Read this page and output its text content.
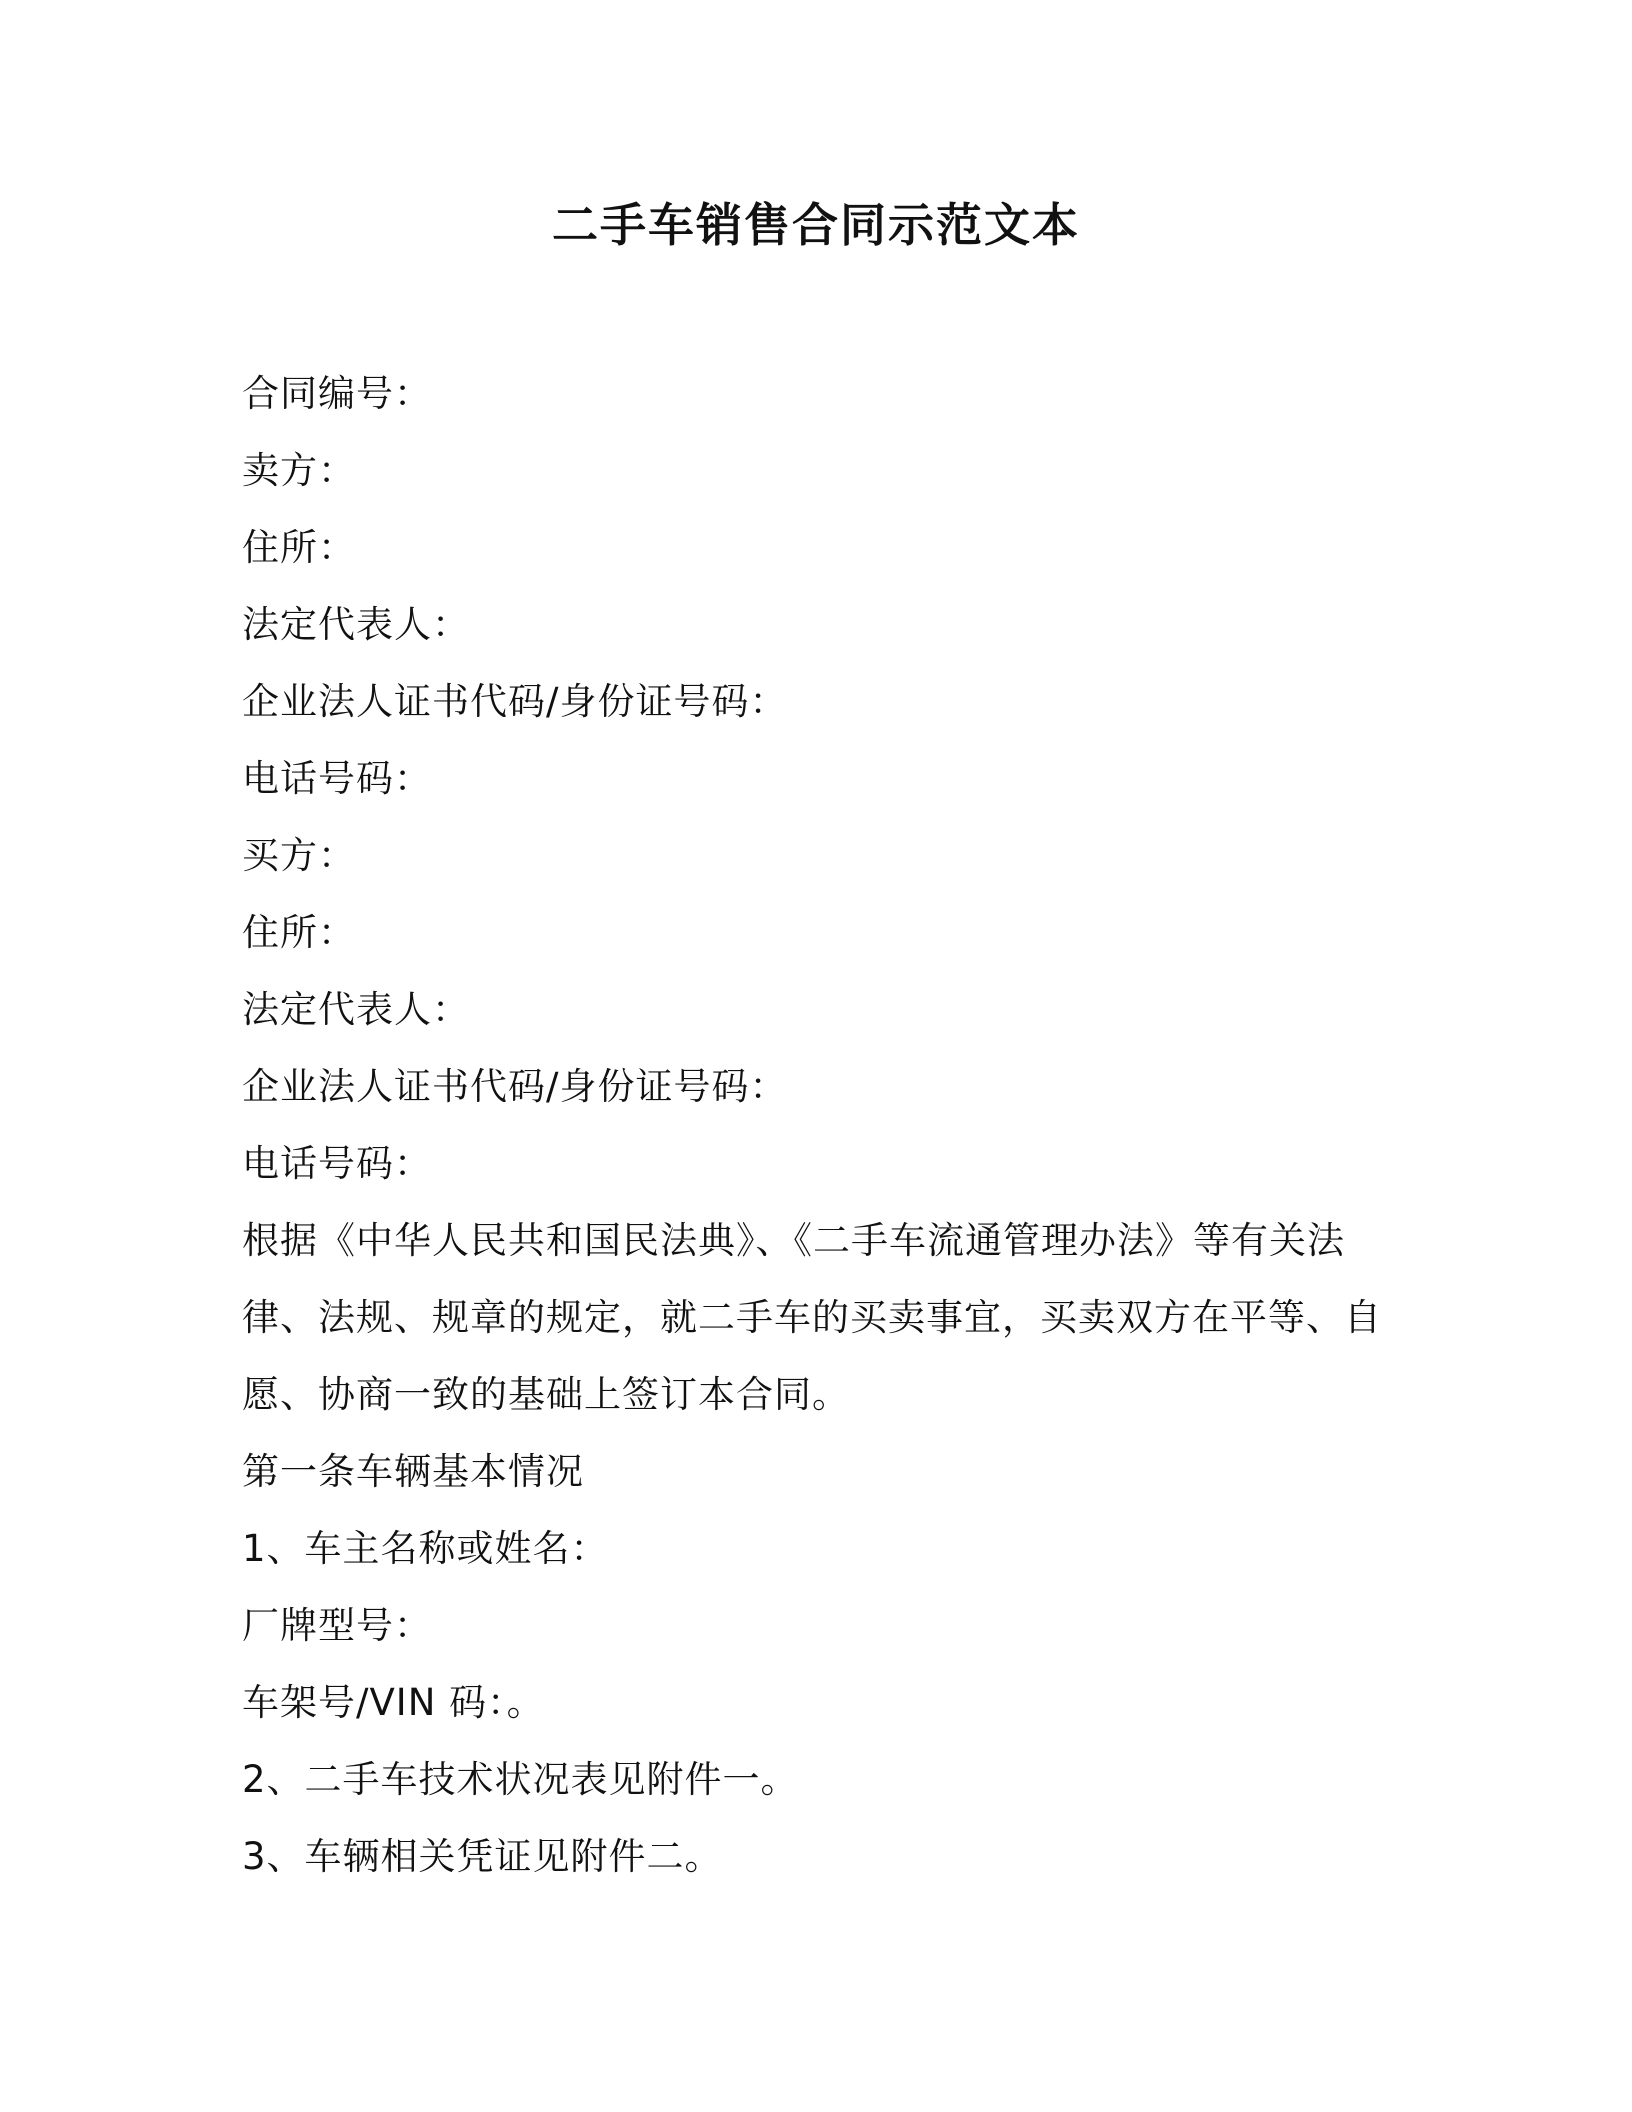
二手车销售合同示范文本
合同编号：
卖方：
住所：
法定代表人：
企业法人证书代码/身份证号码：
电话号码：
买方：
住所：
法定代表人：
企业法人证书代码/身份证号码：
电话号码：
根据《中华人民共和国民法典》、《二手车流通管理办法》等有关法
律、法规、规章的规定，就二手车的买卖事宜，买卖双方在平等、自
愿、协商一致的基础上签订本合同。
第一条车辆基本情况
1、车主名称或姓名：
厂牌型号：
车架号/VIN 码：。
2、二手车技术状况表见附件一。
3、车辆相关凭证见附件二。
